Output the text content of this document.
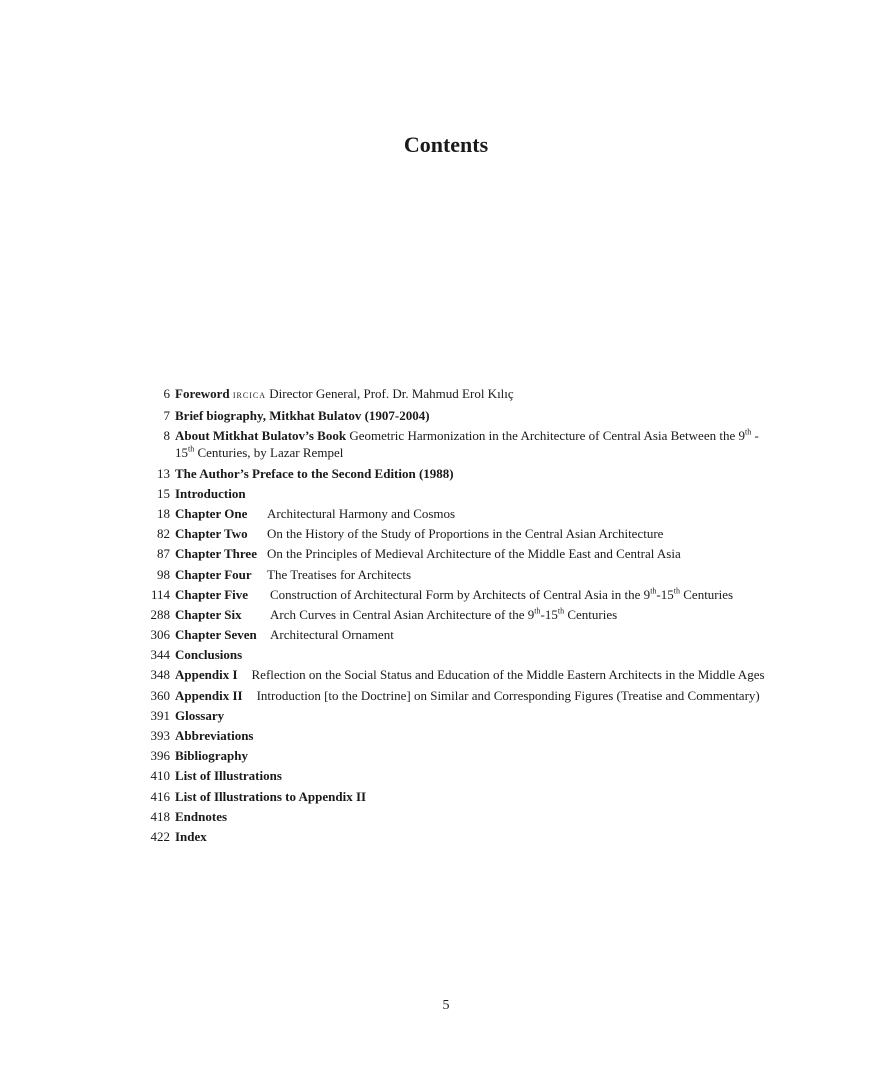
Contents
6 Foreword ircica Director General, Prof. Dr. Mahmud Erol Kılıç
7 Brief biography, Mitkhat Bulatov (1907-2004)
8 About Mitkhat Bulatov’s Book Geometric Harmonization in the Architecture of Central Asia Between the 9th -
15th Centuries, by Lazar Rempel
13 The Author’s Preface to the Second Edition (1988)
15 Introduction
18 Chapter One Architectural Harmony and Cosmos
82 Chapter Two On the History of the Study of Proportions in the Central Asian Architecture
87 Chapter Three On the Principles of Medieval Architecture of the Middle East and Central Asia
98 Chapter Four The Treatises for Architects
114 Chapter Five Construction of Architectural Form by Architects of Central Asia in the 9th-15th Centuries
288 Chapter Six Arch Curves in Central Asian Architecture of the 9th-15th Centuries
306 Chapter Seven Architectural Ornament
344 Conclusions
348 Appendix I Reflection on the Social Status and Education of the Middle Eastern Architects in the Middle Ages
360 Appendix II Introduction [to the Doctrine] on Similar and Corresponding Figures (Treatise and Commentary)
391 Glossary
393 Abbreviations
396 Bibliography
410 List of Illustrations
416 List of Illustrations to Appendix II
418 Endnotes
422 Index
5
